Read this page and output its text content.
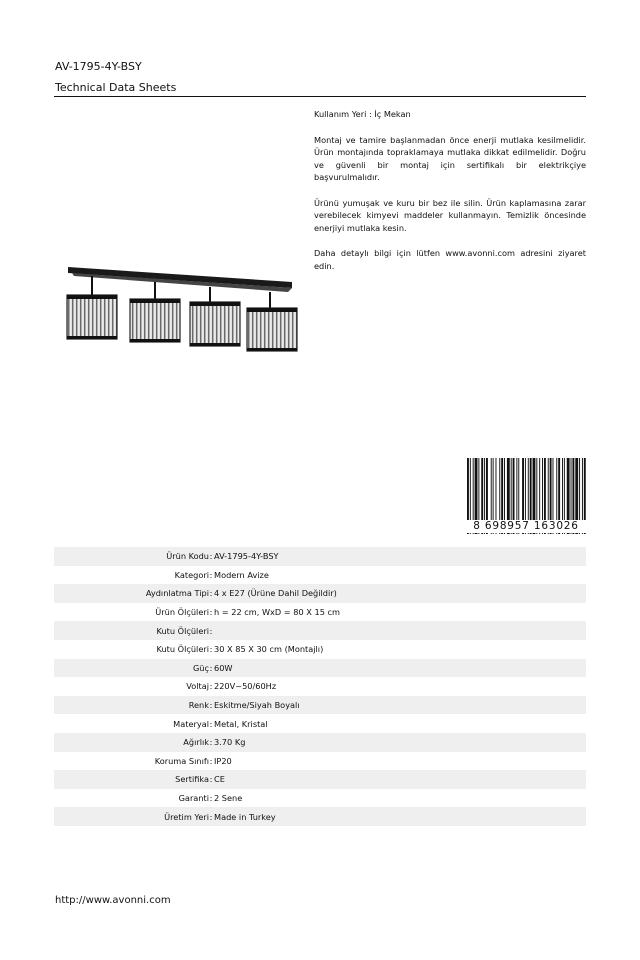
AV-1795-4Y-BSY
Technical Data Sheets

Kullanım Yeri : İç Mekan

Montaj ve tamire başlanmadan önce enerji mutlaka kesilmelidir. Ürün montajında topraklamaya mutlaka dikkat edilmelidir. Doğru ve güvenli bir montaj için sertifikalı bir elektrikçiye başvurulmalıdır.

Ürünü yumuşak ve kuru bir bez ile silin. Ürün kaplamasına zarar verebilecek kimyevi maddeler kullanmayın. Temizlik öncesinde enerjiyi mutlaka kesin.

Daha detaylı bilgi için lütfen www.avonni.com adresini ziyaret edin.

8 698957 163026
Ürün Kodu : AV-1795-4Y-BSY
Kategori : Modern Avize
Aydınlatma Tipi : 4 x E27 (Ürüne Dahil Değildir)
Ürün Ölçüleri : h = 22 cm, WxD = 80 X 15 cm
Kutu Ölçüleri :
Kutu Ölçüleri : 30 X 85 X 30 cm (Montajlı)
Güç : 60W
Voltaj : 220V~50/60Hz
Renk : Eskitme/Siyah Boyalı
Materyal : Metal, Kristal
Ağırlık : 3.70 Kg
Koruma Sınıfı : IP20
Sertifika : CE
Garanti : 2 Sene
Üretim Yeri : Made in Turkey
http://www.avonni.com
